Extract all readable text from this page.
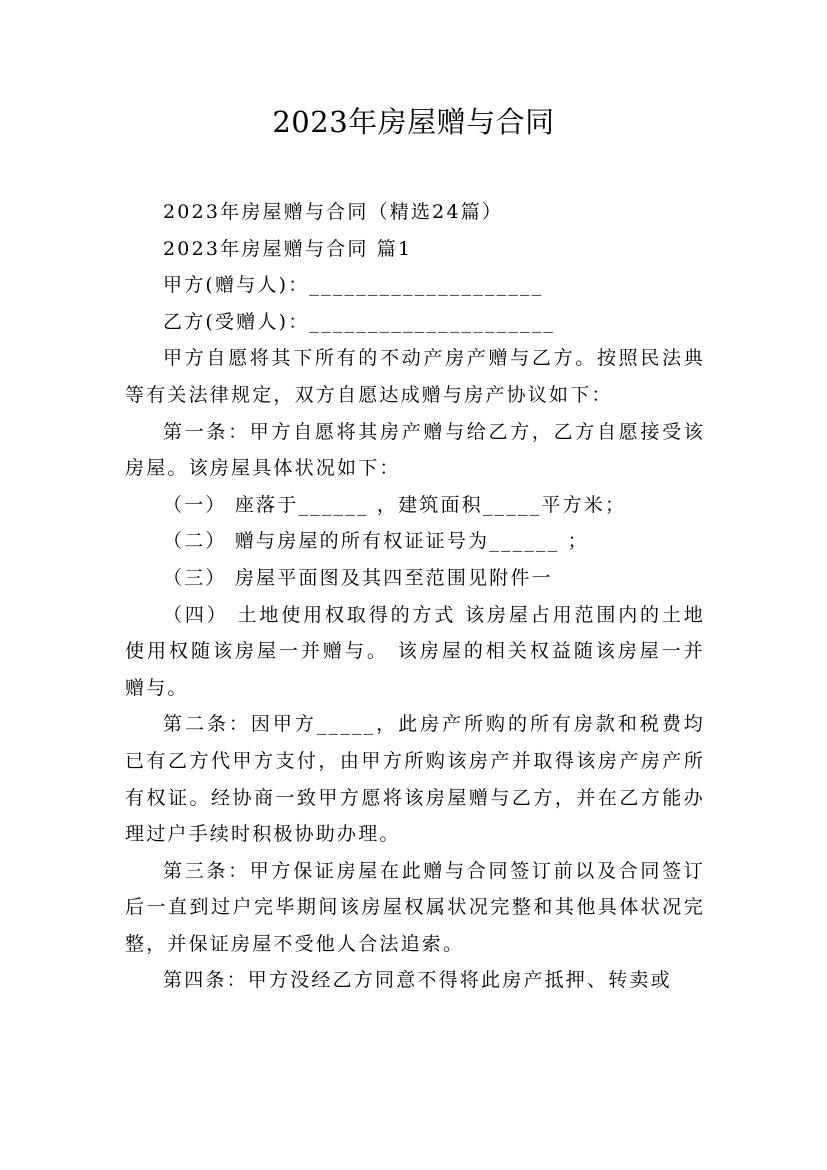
2023年房屋赠与合同

2023年房屋赠与合同（精选24篇）

2023年房屋赠与合同 篇1

甲方(赠与人)：____________________

乙方(受赠人)：_____________________

甲方自愿将其下所有的不动产房产赠与乙方。按照民法典等有关法律规定，双方自愿达成赠与房产协议如下：

第一条：甲方自愿将其房产赠与给乙方，乙方自愿接受该房屋。该房屋具体状况如下：

（一） 座落于______ ，建筑面积_____平方米；

（二） 赠与房屋的所有权证证号为______ ；

（三） 房屋平面图及其四至范围见附件一

（四） 土地使用权取得的方式 该房屋占用范围内的土地使用权随该房屋一并赠与。 该房屋的相关权益随该房屋一并赠与。

第二条：因甲方_____，此房产所购的所有房款和税费均已有乙方代甲方支付，由甲方所购该房产并取得该房产房产所有权证。经协商一致甲方愿将该房屋赠与乙方，并在乙方能办理过户手续时积极协助办理。

第三条：甲方保证房屋在此赠与合同签订前以及合同签订后一直到过户完毕期间该房屋权属状况完整和其他具体状况完整，并保证房屋不受他人合法追索。

第四条：甲方没经乙方同意不得将此房产抵押、转卖或
